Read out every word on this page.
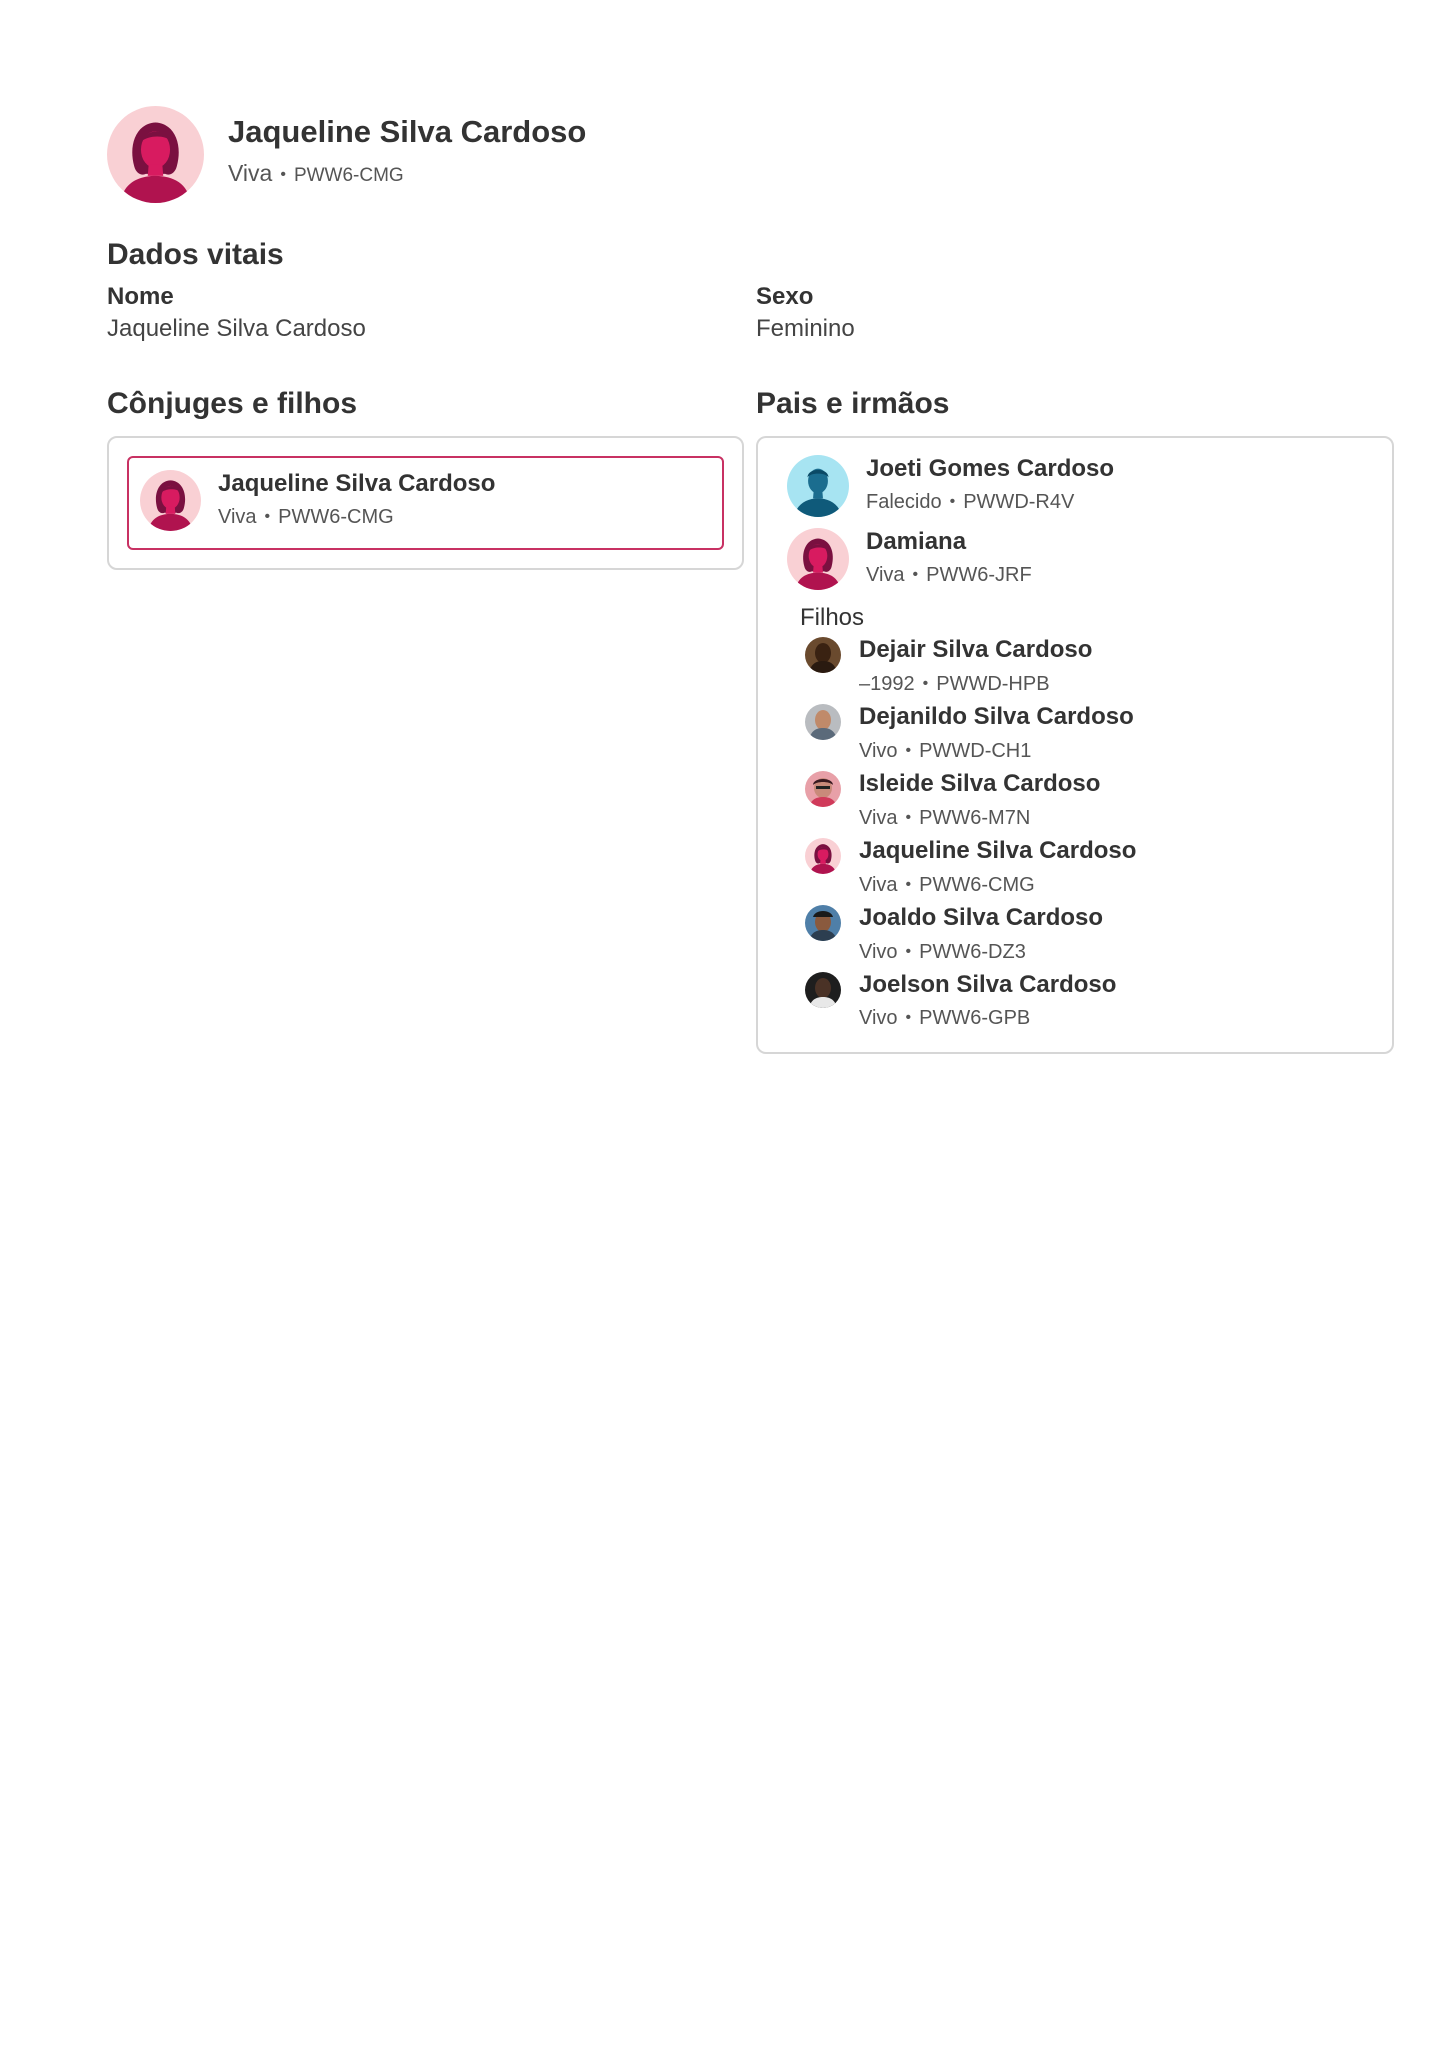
Jaqueline Silva Cardoso
Viva • PWW6-CMG
Dados vitais
Nome
Jaqueline Silva Cardoso
Sexo
Feminino
Cônjuges e filhos
Jaqueline Silva Cardoso
Viva • PWW6-CMG
Pais e irmãos
Joeti Gomes Cardoso
Falecido • PWWD-R4V
Damiana
Viva • PWW6-JRF
Filhos
Dejair Silva Cardoso
–1992 • PWWD-HPB
Dejanildo Silva Cardoso
Vivo • PWWD-CH1
Isleide Silva Cardoso
Viva • PWW6-M7N
Jaqueline Silva Cardoso
Viva • PWW6-CMG
Joaldo Silva Cardoso
Vivo • PWW6-DZ3
Joelson Silva Cardoso
Vivo • PWW6-GPB
